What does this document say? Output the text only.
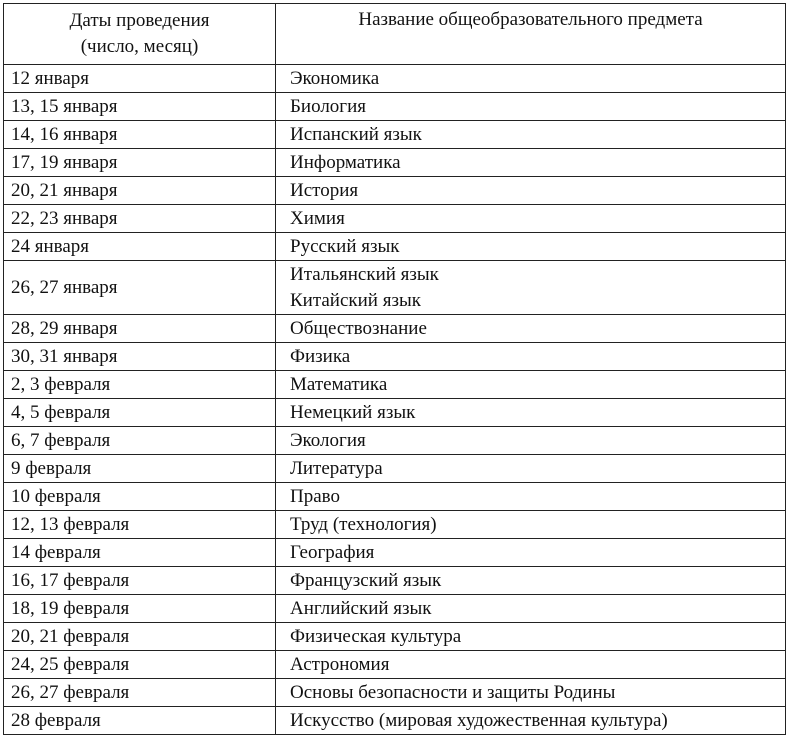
Даты проведения
(число, месяц)	Название общеобразовательного предмета
12 января	Экономика

13, 15 января	Биология

14, 16 января	Испанский язык

17, 19 января	Информатика

20, 21 января	История

22, 23 января	Химия

24 января	Русский язык

26, 27 января	Итальянский язык
Китайский язык

28, 29 января	Обществознание

30, 31 января	Физика

2, 3 февраля	Математика

4, 5 февраля	Немецкий язык

6, 7 февраля	Экология

9 февраля	Литература

10 февраля	Право

12, 13 февраля	Труд (технология)

14 февраля	География

16, 17 февраля	Французский язык

18, 19 февраля	Английский язык

20, 21 февраля	Физическая культура

24, 25 февраля	Астрономия

26, 27 февраля	Основы безопасности и защиты Родины

28 февраля	Искусство (мировая художественная культура)
